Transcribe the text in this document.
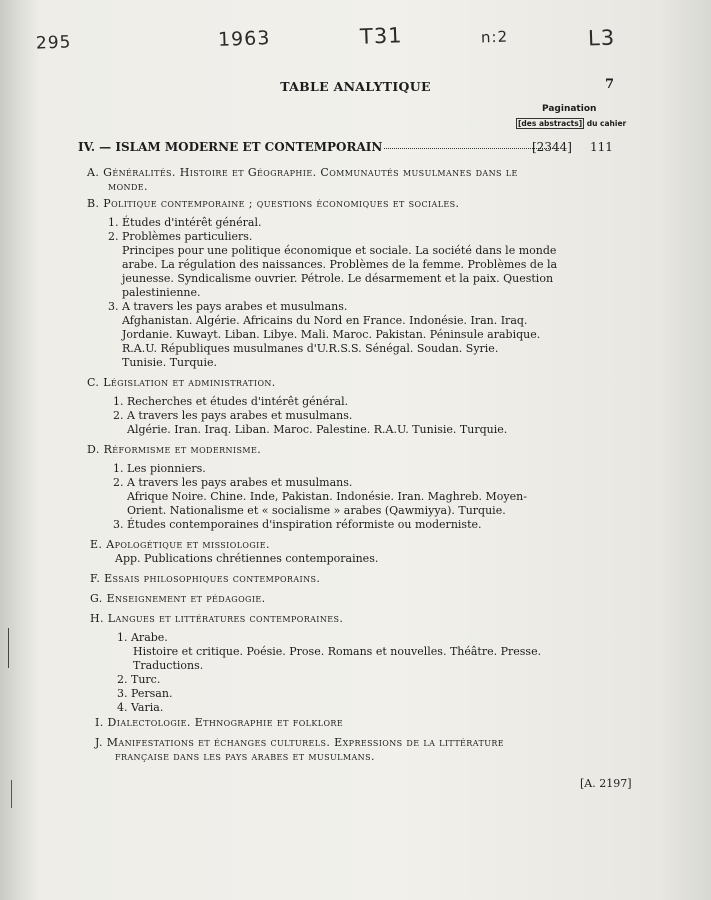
295	1963	T31	n:2	L3
TABLE ANALYTIQUE	7
Pagination
[des abstracts] du cahier
IV. — ISLAM MODERNE ET CONTEMPORAIN	[2344] 111
A. Généralités. Histoire et Géographie. Communautés musulmanes dans le
monde.
B. Politique contemporaine ; questions économiques et sociales.
1. Études d'intérêt général.
2. Problèmes particuliers.
Principes pour une politique économique et sociale. La société dans le monde
arabe. La régulation des naissances. Problèmes de la femme. Problèmes de la
jeunesse. Syndicalisme ouvrier. Pétrole. Le désarmement et la paix. Question
palestinienne.
3. A travers les pays arabes et musulmans.
Afghanistan. Algérie. Africains du Nord en France. Indonésie. Iran. Iraq.
Jordanie. Kuwayt. Liban. Libye. Mali. Maroc. Pakistan. Péninsule arabique.
R.A.U. Républiques musulmanes d'U.R.S.S. Sénégal. Soudan. Syrie.
Tunisie. Turquie.
C. Législation et administration.
1. Recherches et études d'intérêt général.
2. A travers les pays arabes et musulmans.
Algérie. Iran. Iraq. Liban. Maroc. Palestine. R.A.U. Tunisie. Turquie.
D. Réformisme et modernisme.
1. Les pionniers.
2. A travers les pays arabes et musulmans.
Afrique Noire. Chine. Inde, Pakistan. Indonésie. Iran. Maghreb. Moyen-
Orient. Nationalisme et « socialisme » arabes (Qawmiyya). Turquie.
3. Études contemporaines d'inspiration réformiste ou moderniste.
E. Apologétique et missiologie.
App. Publications chrétiennes contemporaines.
F. Essais philosophiques contemporains.
G. Enseignement et pédagogie.
H. Langues et littératures contemporaines.
1. Arabe.
Histoire et critique. Poésie. Prose. Romans et nouvelles. Théâtre. Presse.
Traductions.
2. Turc.
3. Persan.
4. Varia.
I. Dialectologie. Ethnographie et folklore
J. Manifestations et échanges culturels. Expressions de la littérature
française dans les pays arabes et musulmans.
[A. 2197]
